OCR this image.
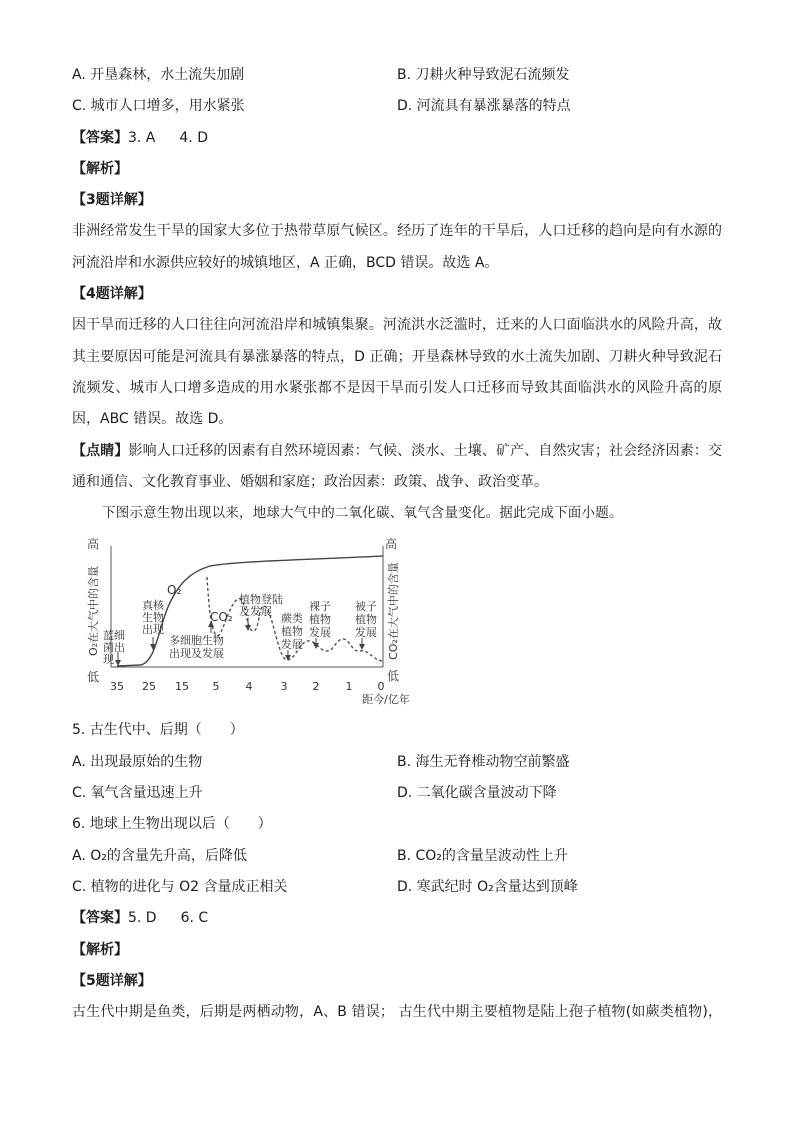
A. 开垦森林，水土流失加剧	B. 刀耕火种导致泥石流频发
C. 城市人口增多，用水紧张	D. 河流具有暴涨暴落的特点
【答案】3. A 4. D
【解析】
【3题详解】
非洲经常发生干旱的国家大多位于热带草原气候区。经历了连年的干旱后，人口迁移的趋向是向有水源的
河流沿岸和水源供应较好的城镇地区，A 正确，BCD 错误。故选 A。
【4题详解】
因干旱而迁移的人口往往向河流沿岸和城镇集聚。河流洪水泛滥时，迁来的人口面临洪水的风险升高，故
其主要原因可能是河流具有暴涨暴落的特点，D 正确；开垦森林导致的水土流失加剧、刀耕火种导致泥石
流频发、城市人口增多造成的用水紧张都不是因干旱而引发人口迁移而导致其面临洪水的风险升高的原
因，ABC 错误。故选 D。
【点睛】影响人口迁移的因素有自然环境因素：气候、淡水、土壤、矿产、自然灾害；社会经济因素：交
通和通信、文化教育事业、婚姻和家庭；政治因素：政策、战争、政治变革。
下图示意生物出现以来，地球大气中的二氧化碳、氧气含量变化。据此完成下面小题。
高
低
高
低
O₂在大气中的含量	CO₂在大气中的含量
35 25 15 5 4	3 2 1 0
距今/亿年
O₂
CO₂
蓝细
菌出
现
真核
生物
出现
多细胞生物
出现及发展
植物登陆
及发展
蕨类
植物
发展
裸子
植物
发展
被子
植物
发展
5. 古生代中、后期（　　）
A. 出现最原始的生物	B. 海生无脊椎动物空前繁盛
C. 氧气含量迅速上升	D. 二氧化碳含量波动下降
6. 地球上生物出现以后（　　）
A. O₂的含量先升高，后降低	B. CO₂的含量呈波动性上升
C. 植物的进化与 O2 含量成正相关	D. 寒武纪时 O₂含量达到顶峰
【答案】5. D 6. C
【解析】
【5题详解】
古生代中期是鱼类，后期是两栖动物，A、B 错误； 古生代中期主要植物是陆上孢子植物(如蕨类植物)，
